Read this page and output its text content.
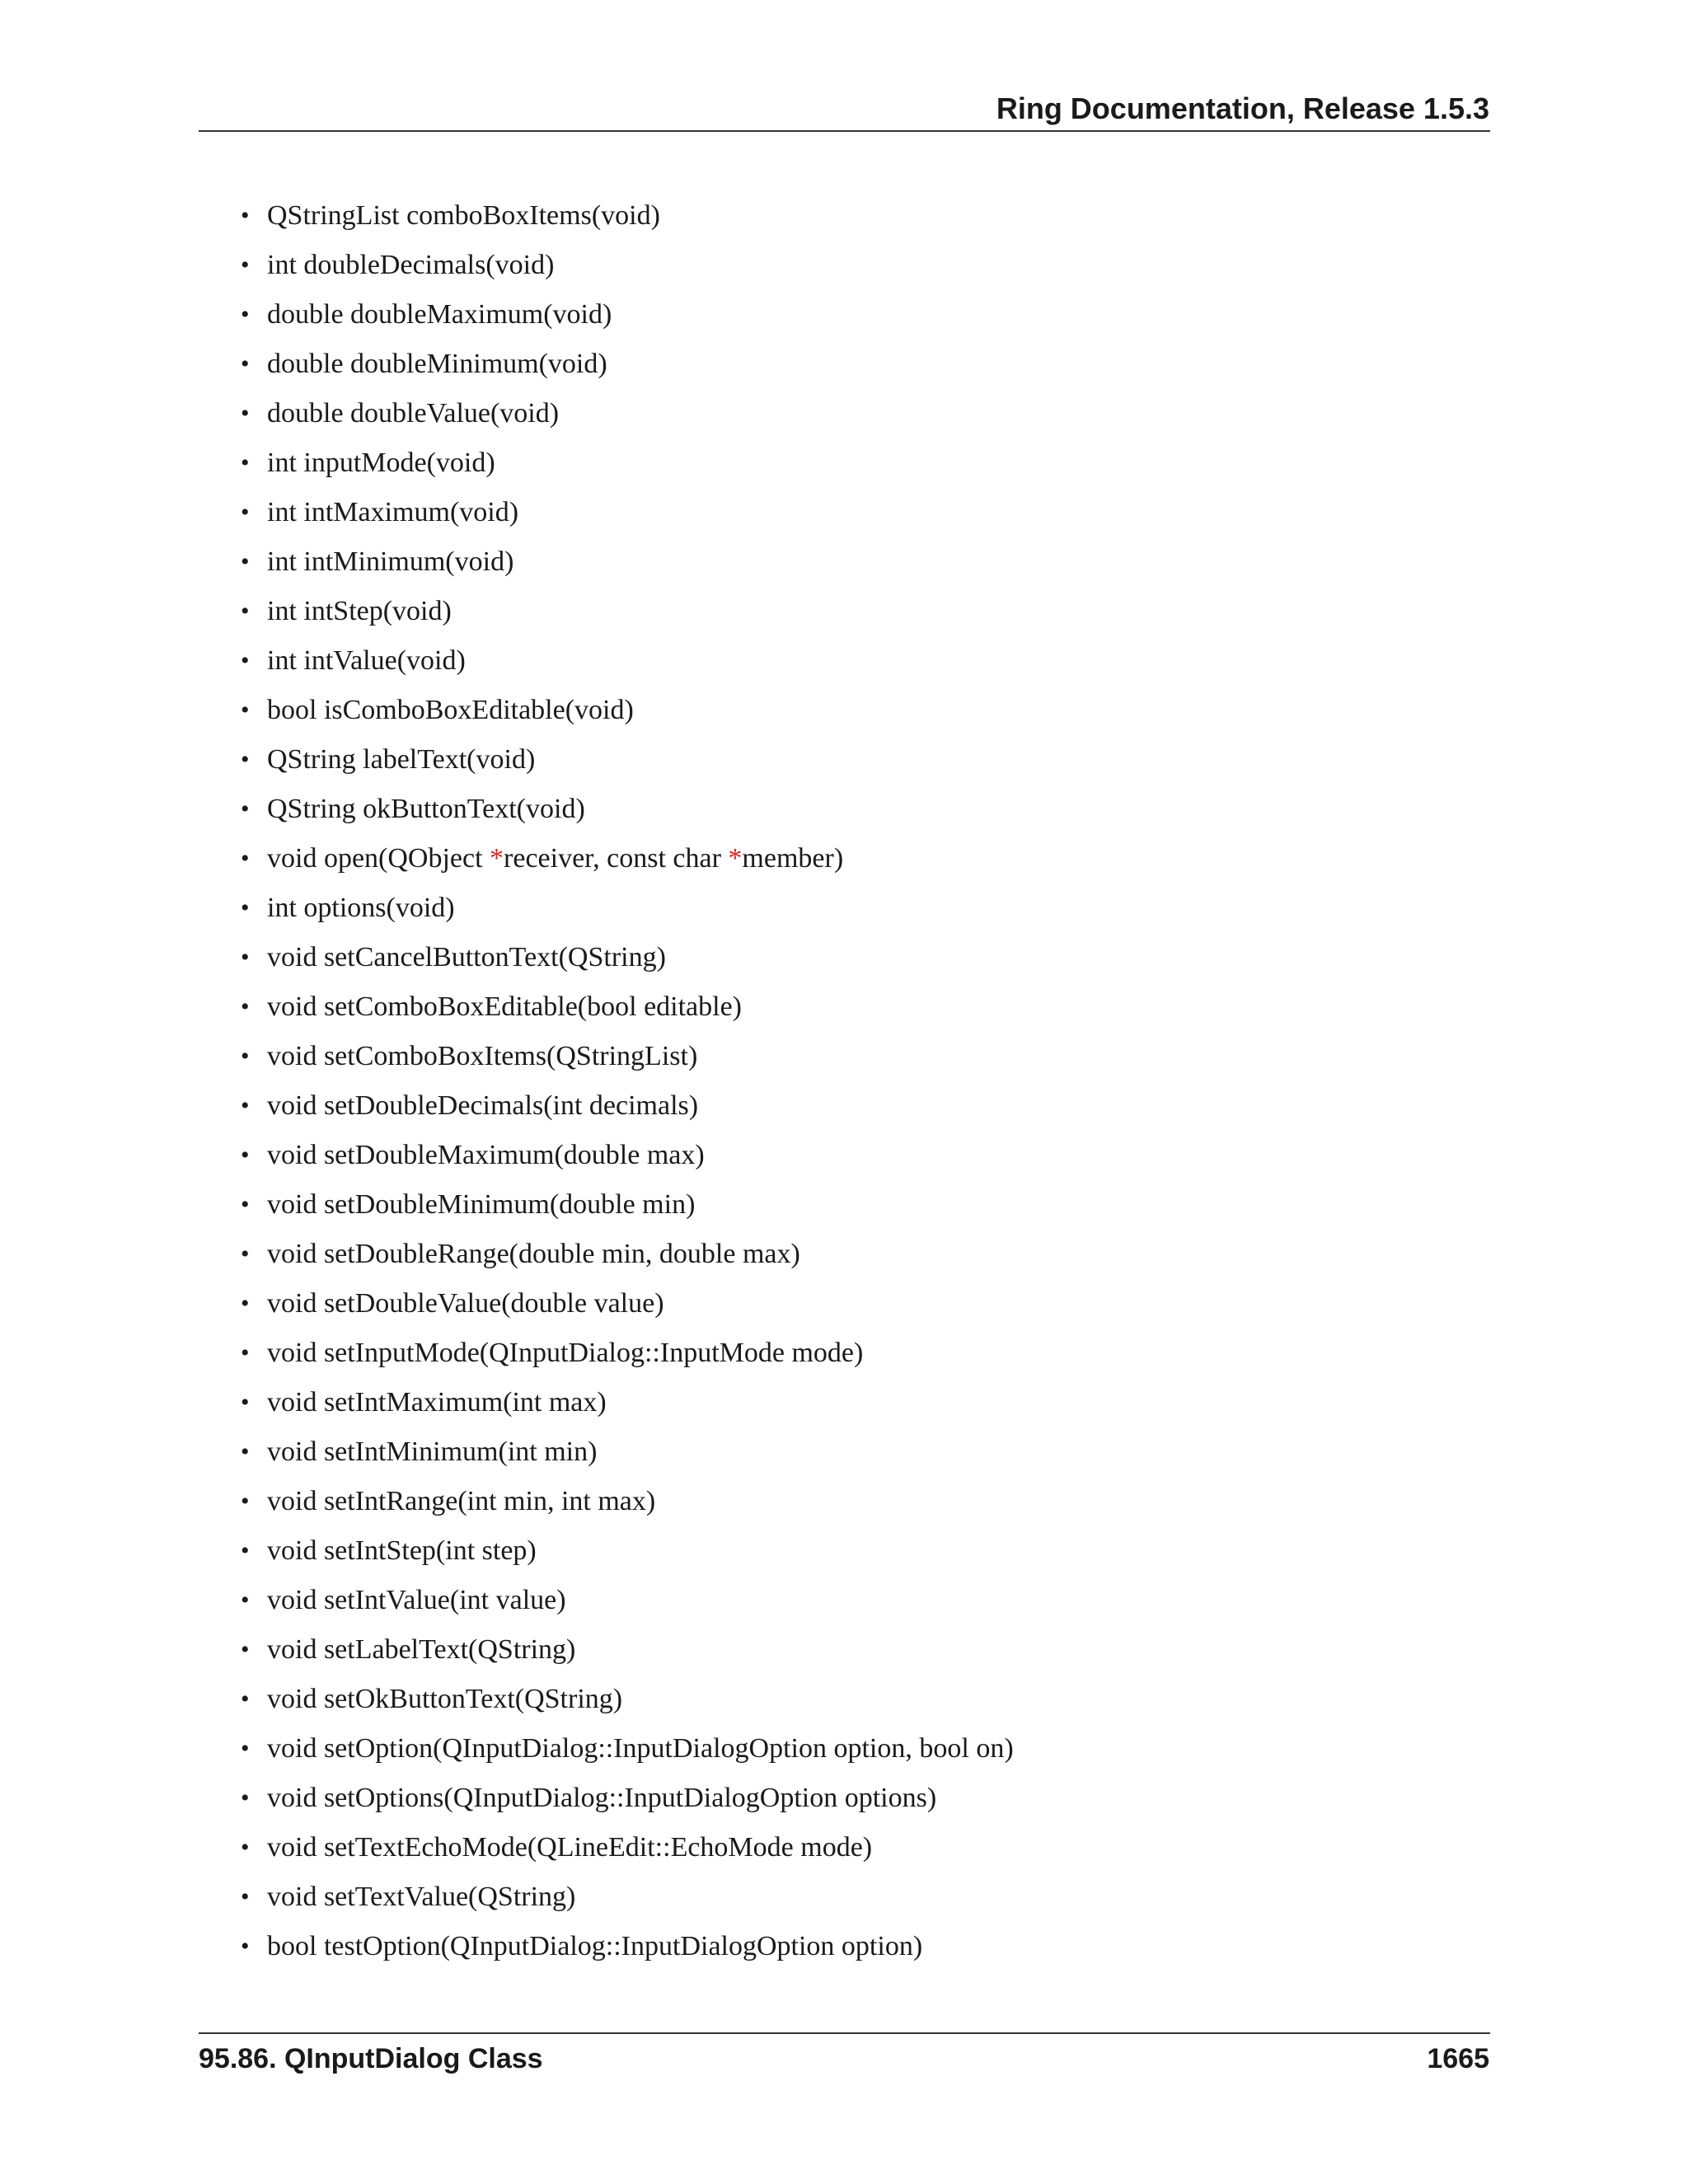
Ring Documentation, Release 1.5.3
• QStringList comboBoxItems(void)
• int doubleDecimals(void)
• double doubleMaximum(void)
• double doubleMinimum(void)
• double doubleValue(void)
• int inputMode(void)
• int intMaximum(void)
• int intMinimum(void)
• int intStep(void)
• int intValue(void)
• bool isComboBoxEditable(void)
• QString labelText(void)
• QString okButtonText(void)
• void open(QObject *receiver, const char *member)
• int options(void)
• void setCancelButtonText(QString)
• void setComboBoxEditable(bool editable)
• void setComboBoxItems(QStringList)
• void setDoubleDecimals(int decimals)
• void setDoubleMaximum(double max)
• void setDoubleMinimum(double min)
• void setDoubleRange(double min, double max)
• void setDoubleValue(double value)
• void setInputMode(QInputDialog::InputMode mode)
• void setIntMaximum(int max)
• void setIntMinimum(int min)
• void setIntRange(int min, int max)
• void setIntStep(int step)
• void setIntValue(int value)
• void setLabelText(QString)
• void setOkButtonText(QString)
• void setOption(QInputDialog::InputDialogOption option, bool on)
• void setOptions(QInputDialog::InputDialogOption options)
• void setTextEchoMode(QLineEdit::EchoMode mode)
• void setTextValue(QString)
• bool testOption(QInputDialog::InputDialogOption option)
95.86. QInputDialog Class	1665
